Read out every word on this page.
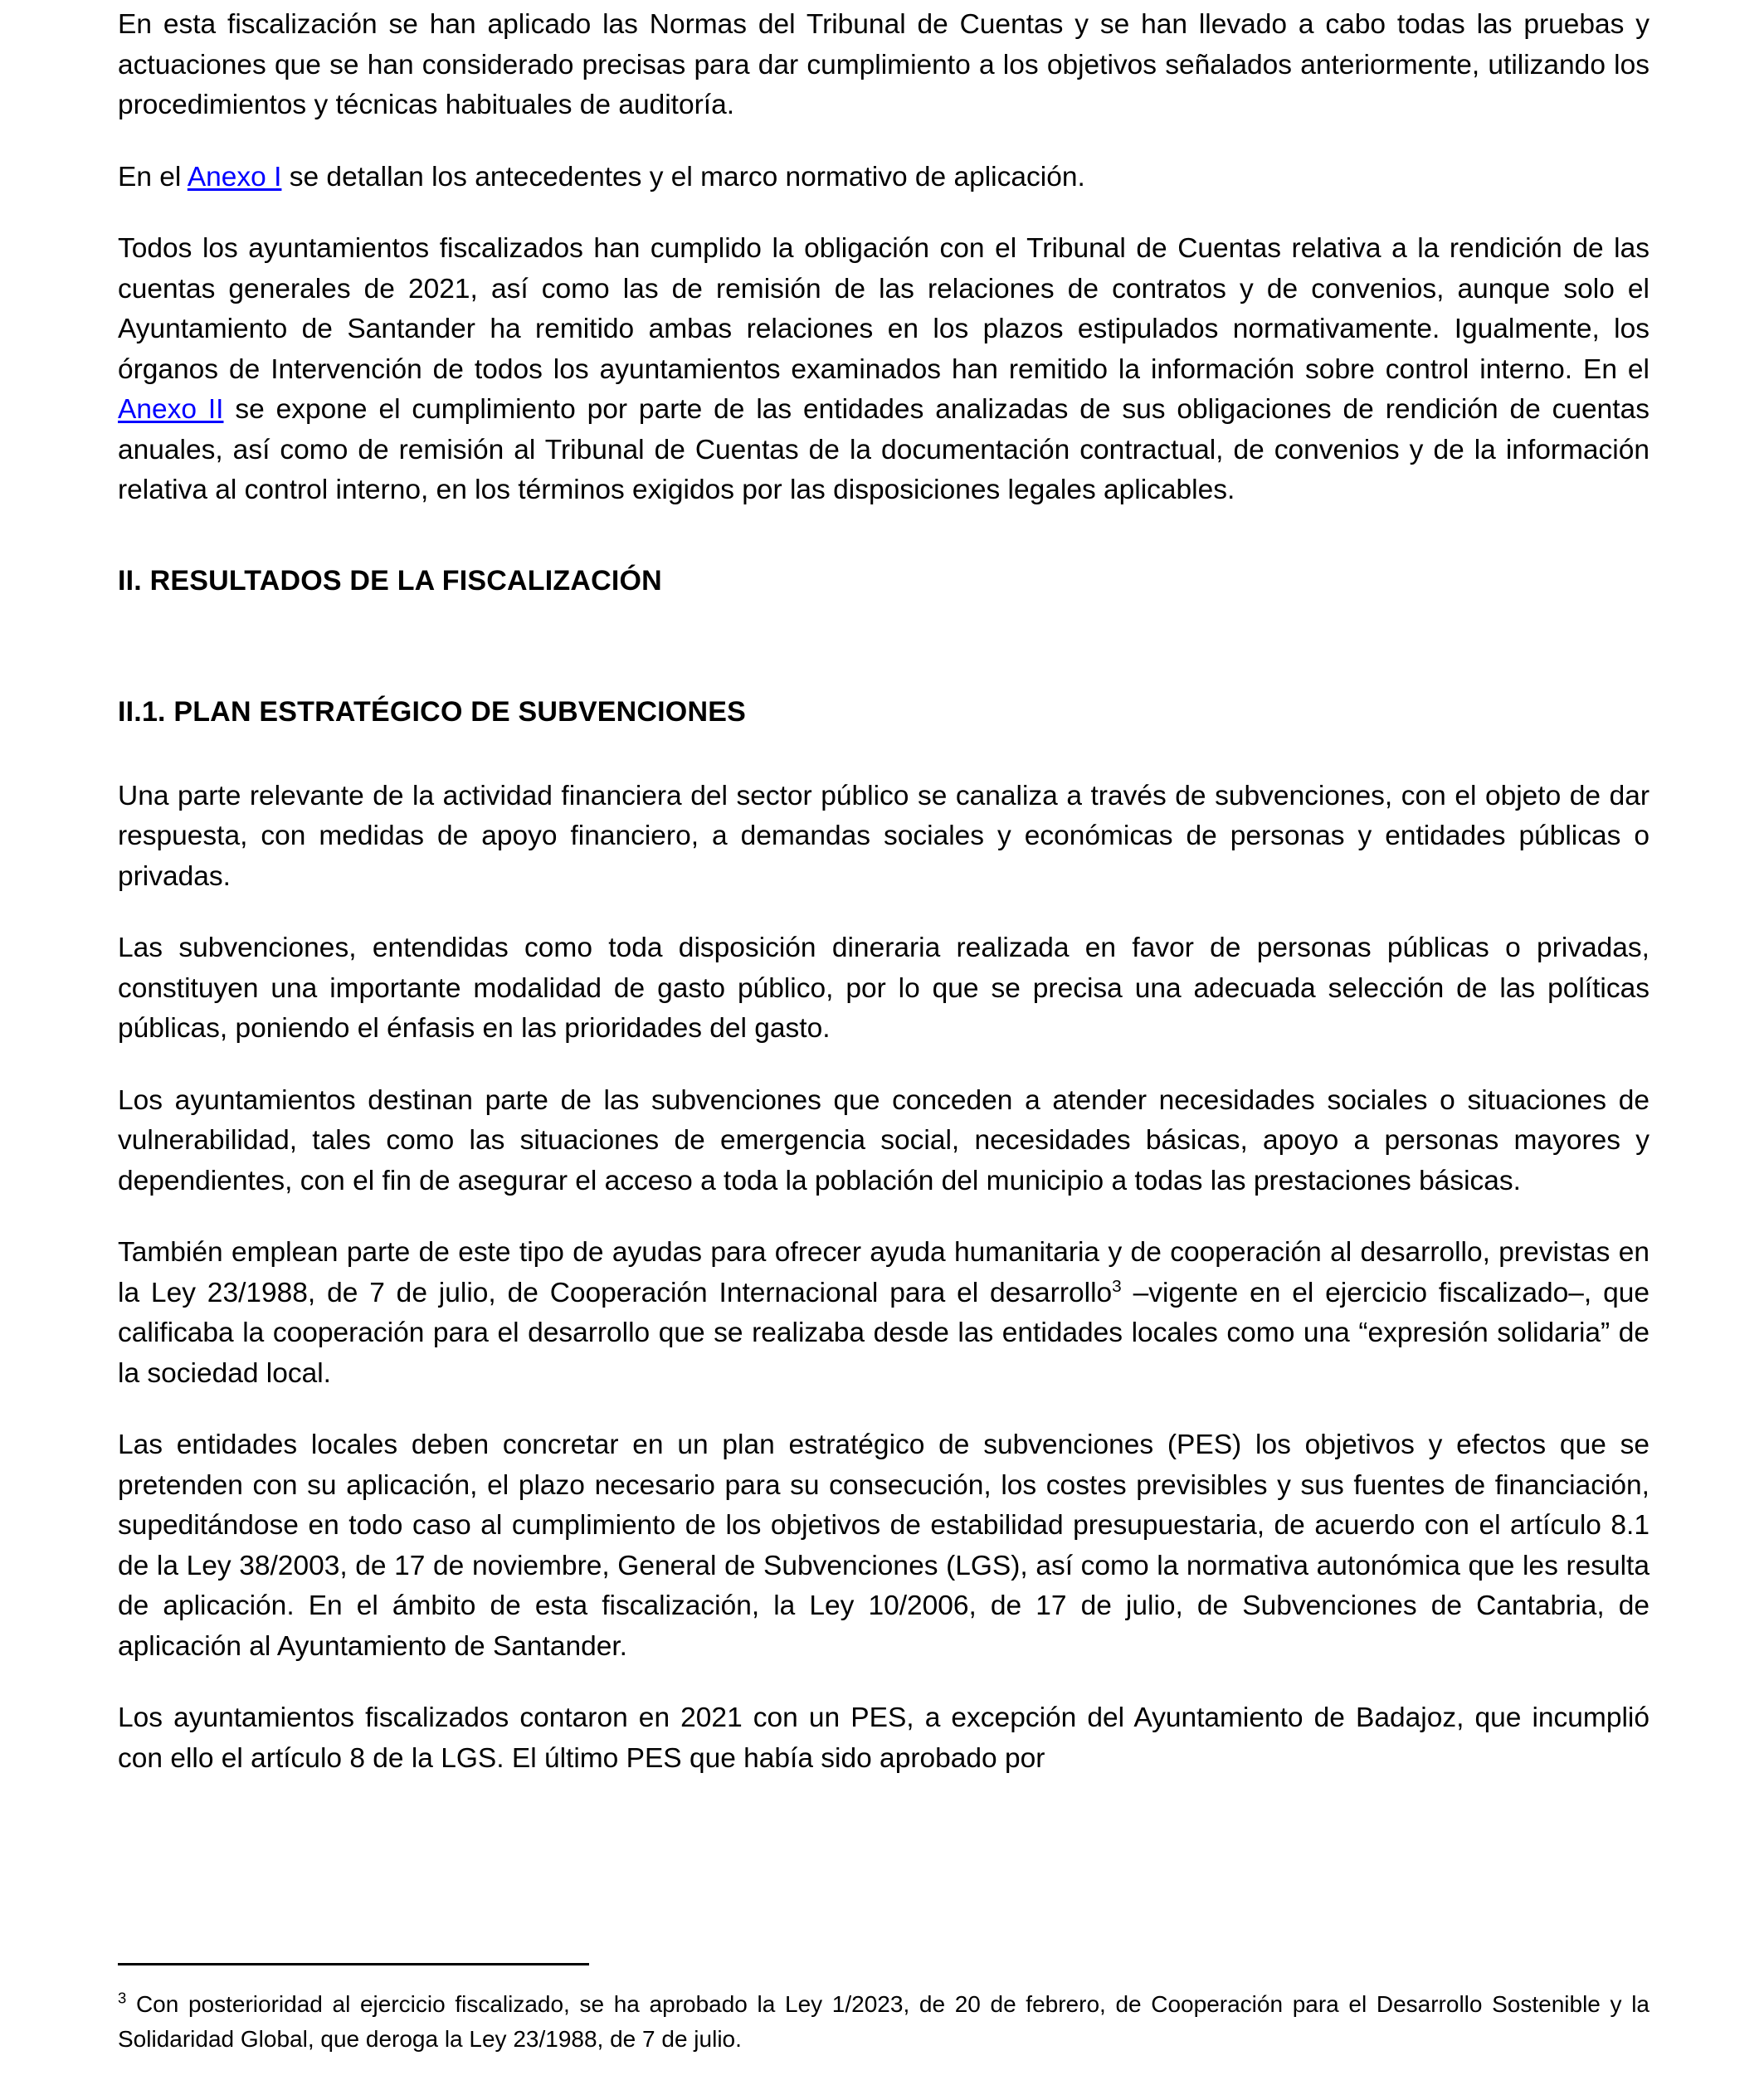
En esta fiscalización se han aplicado las Normas del Tribunal de Cuentas y se han llevado a cabo todas las pruebas y actuaciones que se han considerado precisas para dar cumplimiento a los objetivos señalados anteriormente, utilizando los procedimientos y técnicas habituales de auditoría.

En el Anexo I se detallan los antecedentes y el marco normativo de aplicación.

Todos los ayuntamientos fiscalizados han cumplido la obligación con el Tribunal de Cuentas relativa a la rendición de las cuentas generales de 2021, así como las de remisión de las relaciones de contratos y de convenios, aunque solo el Ayuntamiento de Santander ha remitido ambas relaciones en los plazos estipulados normativamente. Igualmente, los órganos de Intervención de todos los ayuntamientos examinados han remitido la información sobre control interno. En el Anexo II se expone el cumplimiento por parte de las entidades analizadas de sus obligaciones de rendición de cuentas anuales, así como de remisión al Tribunal de Cuentas de la documentación contractual, de convenios y de la información relativa al control interno, en los términos exigidos por las disposiciones legales aplicables.

II. RESULTADOS DE LA FISCALIZACIÓN
II.1. PLAN ESTRATÉGICO DE SUBVENCIONES

Una parte relevante de la actividad financiera del sector público se canaliza a través de subvenciones, con el objeto de dar respuesta, con medidas de apoyo financiero, a demandas sociales y económicas de personas y entidades públicas o privadas.

Las subvenciones, entendidas como toda disposición dineraria realizada en favor de personas públicas o privadas, constituyen una importante modalidad de gasto público, por lo que se precisa una adecuada selección de las políticas públicas, poniendo el énfasis en las prioridades del gasto.

Los ayuntamientos destinan parte de las subvenciones que conceden a atender necesidades sociales o situaciones de vulnerabilidad, tales como las situaciones de emergencia social, necesidades básicas, apoyo a personas mayores y dependientes, con el fin de asegurar el acceso a toda la población del municipio a todas las prestaciones básicas.

También emplean parte de este tipo de ayudas para ofrecer ayuda humanitaria y de cooperación al desarrollo, previstas en la Ley 23/1988, de 7 de julio, de Cooperación Internacional para el desarrollo$^3$ –vigente en el ejercicio fiscalizado–, que calificaba la cooperación para el desarrollo que se realizaba desde las entidades locales como una “expresión solidaria” de la sociedad local.

Las entidades locales deben concretar en un plan estratégico de subvenciones (PES) los objetivos y efectos que se pretenden con su aplicación, el plazo necesario para su consecución, los costes previsibles y sus fuentes de financiación, supeditándose en todo caso al cumplimiento de los objetivos de estabilidad presupuestaria, de acuerdo con el artículo 8.1 de la Ley 38/2003, de 17 de noviembre, General de Subvenciones (LGS), así como la normativa autonómica que les resulta de aplicación. En el ámbito de esta fiscalización, la Ley 10/2006, de 17 de julio, de Subvenciones de Cantabria, de aplicación al Ayuntamiento de Santander.

Los ayuntamientos fiscalizados contaron en 2021 con un PES, a excepción del Ayuntamiento de Badajoz, que incumplió con ello el artículo 8 de la LGS. El último PES que había sido aprobado por

$^3$ Con posterioridad al ejercicio fiscalizado, se ha aprobado la Ley 1/2023, de 20 de febrero, de Cooperación para el Desarrollo Sostenible y la Solidaridad Global, que deroga la Ley 23/1988, de 7 de julio.
